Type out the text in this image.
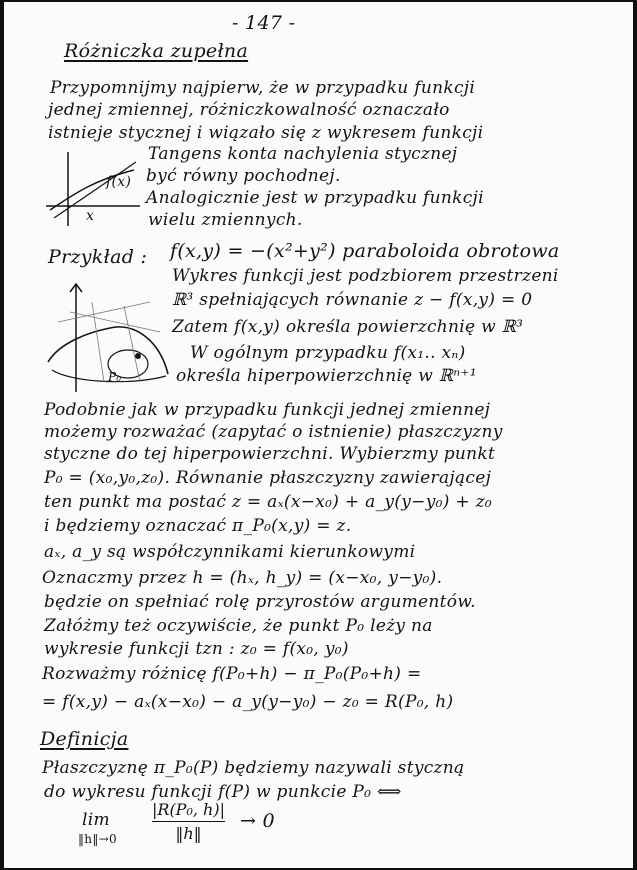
- 147 -
Różniczka zupełna
Przypomnijmy najpierw, że w przypadku funkcji
jednej zmiennej, różniczkowalność oznaczało
istnieje stycznej i wiązało się z wykresem funkcji
f(x)
x
Tangens konta nachylenia stycznej
być równy pochodnej.
Analogicznie jest w przypadku funkcji
wielu zmiennych.
Przykład : f(x,y) = −(x²+y²) paraboloida obrotowa
Wykres funkcji jest podzbiorem przestrzeni
ℝ³ spełniających równanie z − f(x,y) = 0
Zatem f(x,y) określa powierzchnię w ℝ³
W ogólnym przypadku f(x₁.. xₙ)
określa hiperpowierzchnię w ℝⁿ⁺¹
P₀
Podobnie jak w przypadku funkcji jednej zmiennej
możemy rozważać (zapytać o istnienie) płaszczyzny
styczne do tej hiperpowierzchni. Wybierzmy punkt
P₀ = (x₀,y₀,z₀). Równanie płaszczyzny zawierającej
ten punkt ma postać z = aₓ(x−x₀) + a_y(y−y₀) + z₀
i będziemy oznaczać π_P₀(x,y) = z.
aₓ, a_y są współczynnikami kierunkowymi
Oznaczmy przez h = (hₓ, h_y) = (x−x₀, y−y₀).
będzie on spełniać rolę przyrostów argumentów.
Załóżmy też oczywiście, że punkt P₀ leży na
wykresie funkcji tzn : z₀ = f(x₀, y₀)
Rozważmy różnicę f(P₀+h) − π_P₀(P₀+h) =
= f(x,y) − aₓ(x−x₀) − a_y(y−y₀) − z₀ = R(P₀, h)
Definicja
Płaszczyznę π_P₀(P) będziemy nazywali styczną
do wykresu funkcji f(P) w punkcie P₀ ⟺
lim
‖h‖→0
|R(P₀, h)|
‖h‖
→ 0
